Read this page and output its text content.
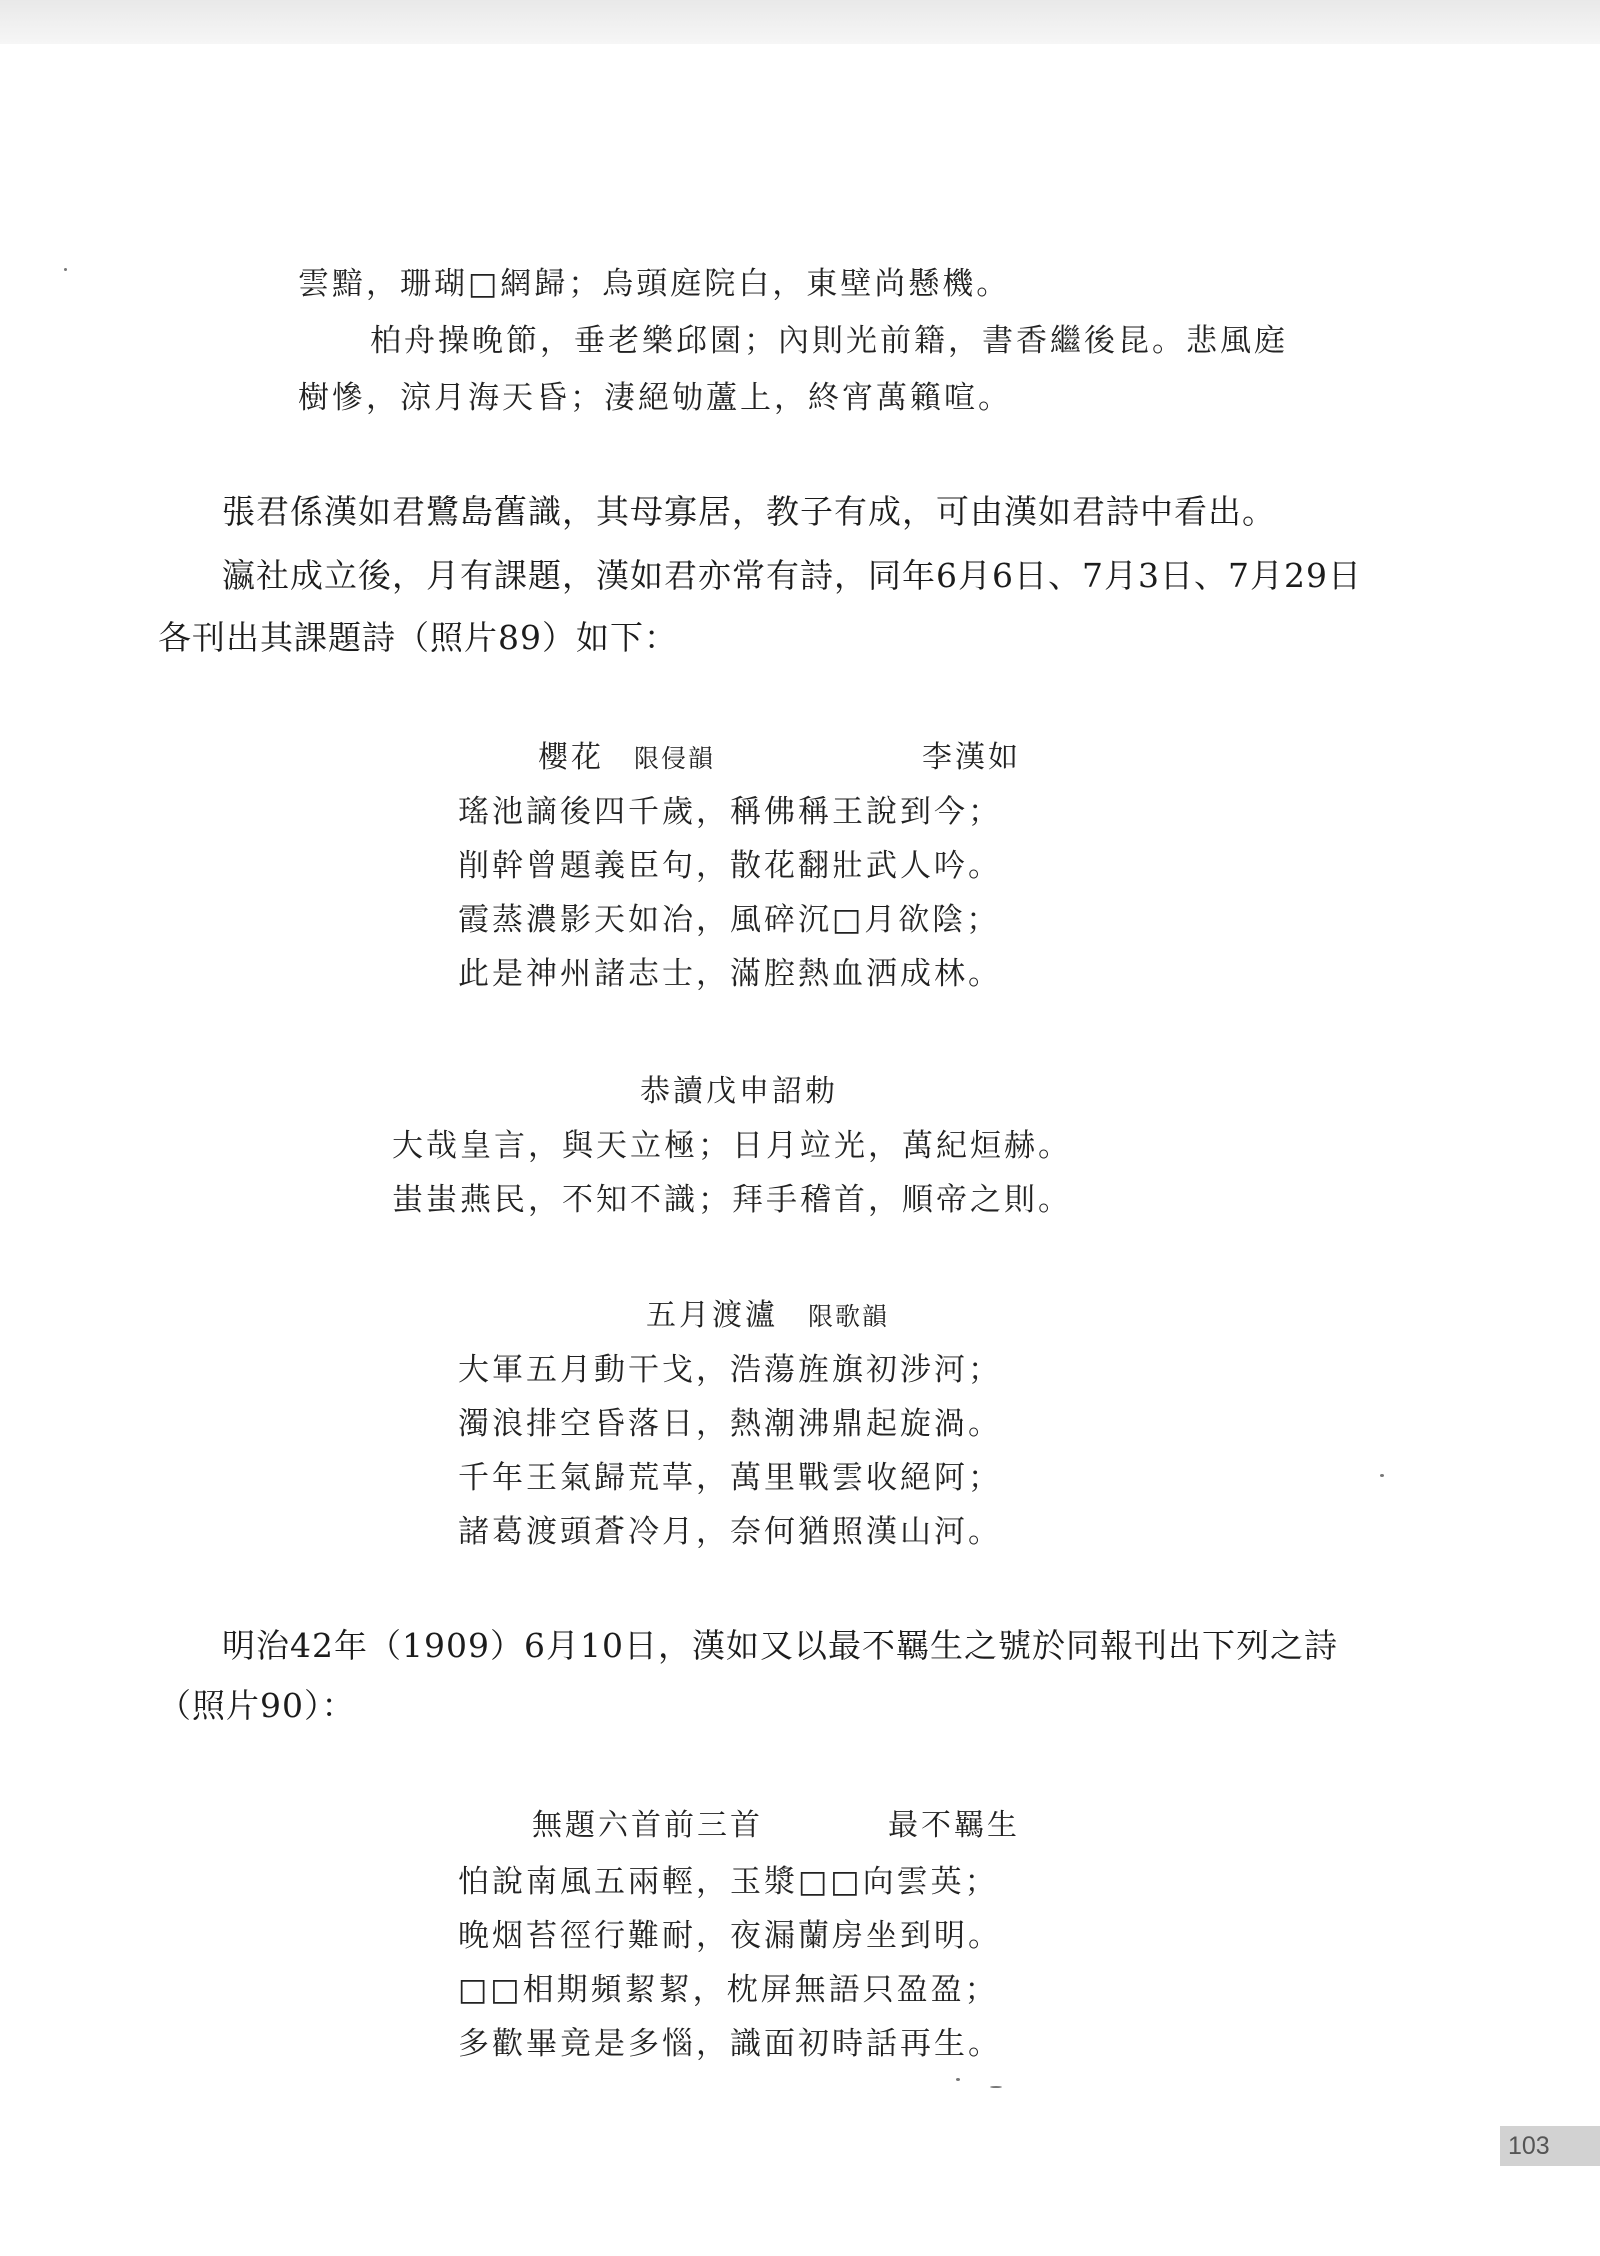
雲黯，珊瑚□網歸；烏頭庭院白，東壁尚懸機。
柏舟操晚節，垂老樂邱園；內則光前籍，書香繼後昆。悲風庭
樹慘，涼月海天昏；淒絕劬蘆上，終宵萬籟喧。
張君係漢如君鷺島舊識，其母寡居，教子有成，可由漢如君詩中看出。
瀛社成立後，月有課題，漢如君亦常有詩，同年6月6日、7月3日、7月29日
各刊出其課題詩（照片89）如下：
櫻花 限侵韻	李漢如
瑤池謫後四千歲，稱佛稱王說到今；
削幹曾題義臣句，散花翻壯武人吟。
霞蒸濃影天如冶，風碎沉□月欲陰；
此是神州諸志士，滿腔熱血洒成林。
恭讀戊申詔勅
大哉皇言，與天立極；日月竝光，萬紀烜赫。
蚩蚩燕民，不知不識；拜手稽首，順帝之則。
五月渡瀘 限歌韻
大軍五月動干戈，浩蕩旌旗初涉河；
濁浪排空昏落日，熱潮沸鼎起旋渦。
千年王氣歸荒草，萬里戰雲收絕阿；
諸葛渡頭蒼冷月，奈何猶照漢山河。
明治42年（1909）6月10日，漢如又以最不羈生之號於同報刊出下列之詩
（照片90）：
無題六首前三首	最不羈生
怕說南風五兩輕，玉漿□□向雲英；
晚烟苔徑行難耐，夜漏蘭房坐到明。
□□相期頻絜絜，枕屏無語只盈盈；
多歡畢竟是多惱，識面初時話再生。
103
